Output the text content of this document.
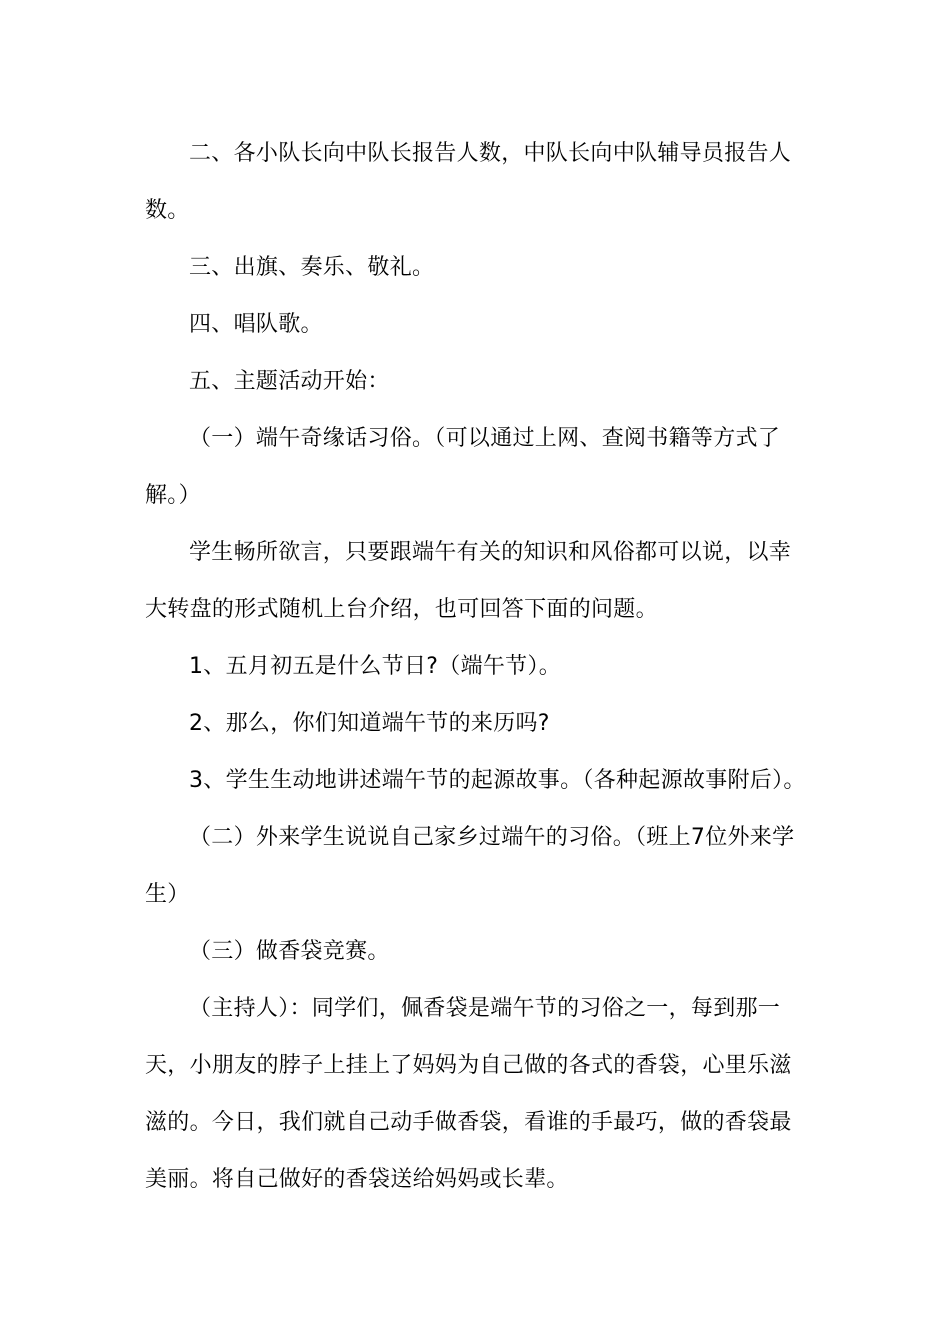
二、各小队长向中队长报告人数，中队长向中队辅导员报告人数。

三、出旗、奏乐、敬礼。

四、唱队歌。

五、主题活动开始：

（一）端午奇缘话习俗。（可以通过上网、查阅书籍等方式了解。）

学生畅所欲言，只要跟端午有关的知识和风俗都可以说，以幸大转盘的形式随机上台介绍，也可回答下面的问题。

1、五月初五是什么节日?（端午节）。

2、那么，你们知道端午节的来历吗?

3、学生生动地讲述端午节的起源故事。（各种起源故事附后）。

（二）外来学生说说自己家乡过端午的习俗。（班上7位外来学生）

（三）做香袋竞赛。

（主持人）：同学们，佩香袋是端午节的习俗之一，每到那一天，小朋友的脖子上挂上了妈妈为自己做的各式的香袋，心里乐滋滋的。今日，我们就自己动手做香袋，看谁的手最巧，做的香袋最美丽。将自己做好的香袋送给妈妈或长辈。
